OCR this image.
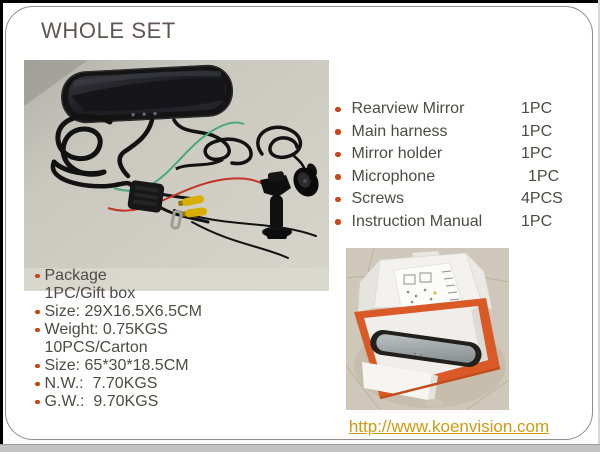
WHOLE SET
Rearview Mirror	1PC
Main harness	1PC
Mirror holder	1PC
Microphone	1PC
Screws	4PCS
Instruction Manual 1PC
Package
1PC/Gift box
Size: 29X16.5X6.5CM
Weight: 0.75KGS
10PCS/Carton
Size: 65*30*18.5CM
N.W.:  7.70KGS
G.W.:  9.70KGS
http://www.koenvision.com
